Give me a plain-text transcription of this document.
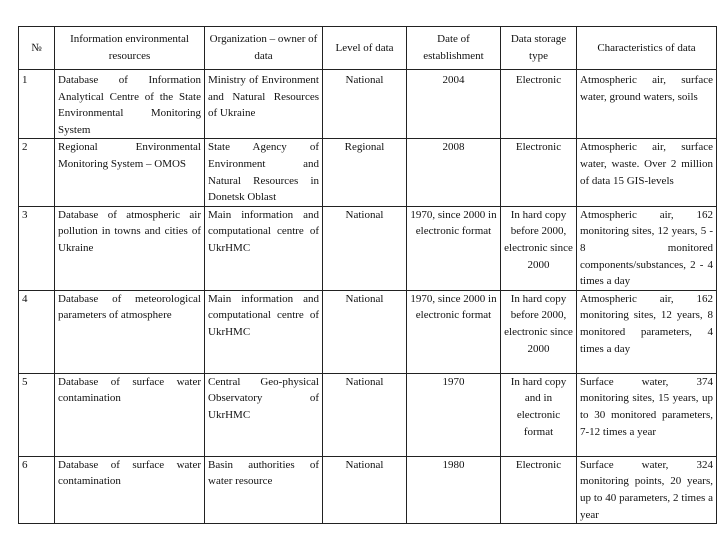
№	Information environmental resources	Organization – owner of data	Level of data	Date of establishment	Data storage type	Characteristics of data
1	Database of Information Analytical Centre of the State Environmental Monitoring System	Ministry of Environment and Natural Resources of Ukraine	National	2004	Electronic	Atmospheric air, surface water, ground waters, soils
2	Regional Environmental Monitoring System – OMOS	State Agency of Environment and Natural Resources in Donetsk Oblast	Regional	2008	Electronic	Atmospheric air, surface water, waste. Over 2 million of data 15 GIS-levels
3	Database of atmospheric air pollution in towns and cities of Ukraine	Main information and computational centre of UkrHMC	National	1970, since 2000 in electronic format	In hard copy before 2000, electronic since 2000	Atmospheric air, 162 monitoring sites, 12 years, 5 - 8 monitored components/substances, 2 - 4 times a day
4	Database of meteorological parameters of atmosphere	Main information and computational centre of UkrHMC	National	1970, since 2000 in electronic format	In hard copy before 2000, electronic since 2000	Atmospheric air, 162 monitoring sites, 12 years, 8 monitored parameters, 4 times a day
5	Database of surface water contamination	Central Geo-physical Observatory of UkrHMC	National	1970	In hard copy and in electronic format	Surface water, 374 monitoring sites, 15 years, up to 30 monitored parameters, 7-12 times a year
6	Database of surface water contamination	Basin authorities of water resource	National	1980	Electronic	Surface water, 324 monitoring points, 20 years, up to 40 parameters, 2 times a year
